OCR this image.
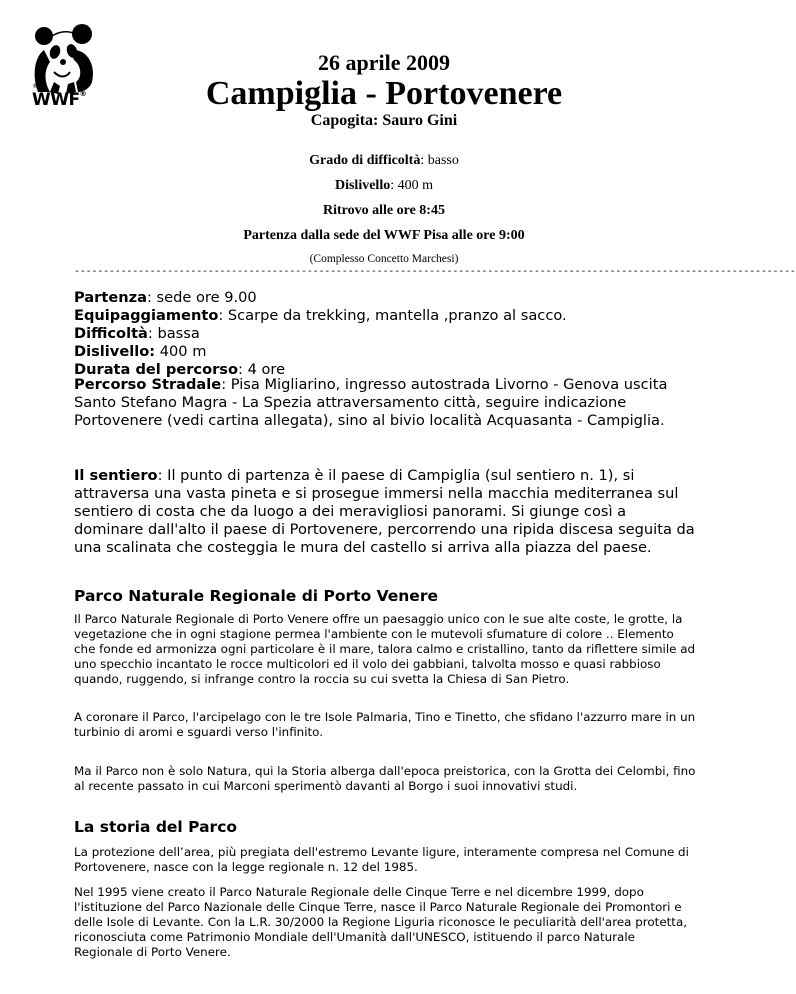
®
WWF®
26 aprile 2009
Campiglia - Portovenere
Capogita: Sauro Gini
Grado di difficoltà: basso
Dislivello: 400 m
Ritrovo alle ore 8:45
Partenza dalla sede del WWF Pisa alle ore 9:00
(Complesso Concetto Marchesi)
----------------------------------------------------------------------------------------------------------------------------
Partenza: sede ore 9.00
Equipaggiamento: Scarpe da trekking, mantella ,pranzo al sacco.
Difficoltà: bassa
Dislivello: 400 m
Durata del percorso: 4 ore

Percorso Stradale: Pisa Migliarino, ingresso autostrada Livorno - Genova uscita Santo Stefano Magra - La Spezia attraversamento città, seguire indicazione Portovenere (vedi cartina allegata), sino al bivio località Acquasanta - Campiglia.

Il sentiero: Il punto di partenza è il paese di Campiglia (sul sentiero n. 1), si attraversa una vasta pineta e si prosegue immersi nella macchia mediterranea sul sentiero di costa che da luogo a dei meravigliosi panorami. Si giunge così a dominare dall'alto il paese di Portovenere, percorrendo una ripida discesa seguita da una scalinata che costeggia le mura del castello si arriva alla piazza del paese.

Parco Naturale Regionale di Porto Venere

Il Parco Naturale Regionale di Porto Venere offre un paesaggio unico con le sue alte coste, le grotte, la vegetazione che in ogni stagione permea l'ambiente con le mutevoli sfumature di colore .. Elemento che fonde ed armonizza ogni particolare è il mare, talora calmo e cristallino, tanto da riflettere simile ad uno specchio incantato le rocce multicolori ed il volo dei gabbiani, talvolta mosso e quasi rabbioso quando, ruggendo, si infrange contro la roccia su cui svetta la Chiesa di San Pietro.

A coronare il Parco, l'arcipelago con le tre Isole Palmaria, Tino e Tinetto, che sfidano l'azzurro mare in un turbinio di aromi e sguardi verso l'infinito.

Ma il Parco non è solo Natura, qui la Storia alberga dall'epoca preistorica, con la Grotta dei Celombi, fino al recente passato in cui Marconi sperimentò davanti al Borgo i suoi innovativi studi.

La storia del Parco

La protezione dell’area, più pregiata dell'estremo Levante ligure, interamente compresa nel Comune di Portovenere, nasce con la legge regionale n. 12 del 1985.

Nel 1995 viene creato il Parco Naturale Regionale delle Cinque Terre e nel dicembre 1999, dopo l'istituzione del Parco Nazionale delle Cinque Terre, nasce il Parco Naturale Regionale dei Promontori e delle Isole di Levante. Con la L.R. 30/2000 la Regione Liguria riconosce le peculiarità dell'area protetta, riconosciuta come Patrimonio Mondiale dell'Umanità dall'UNESCO, istituendo il parco Naturale Regionale di Porto Venere.
